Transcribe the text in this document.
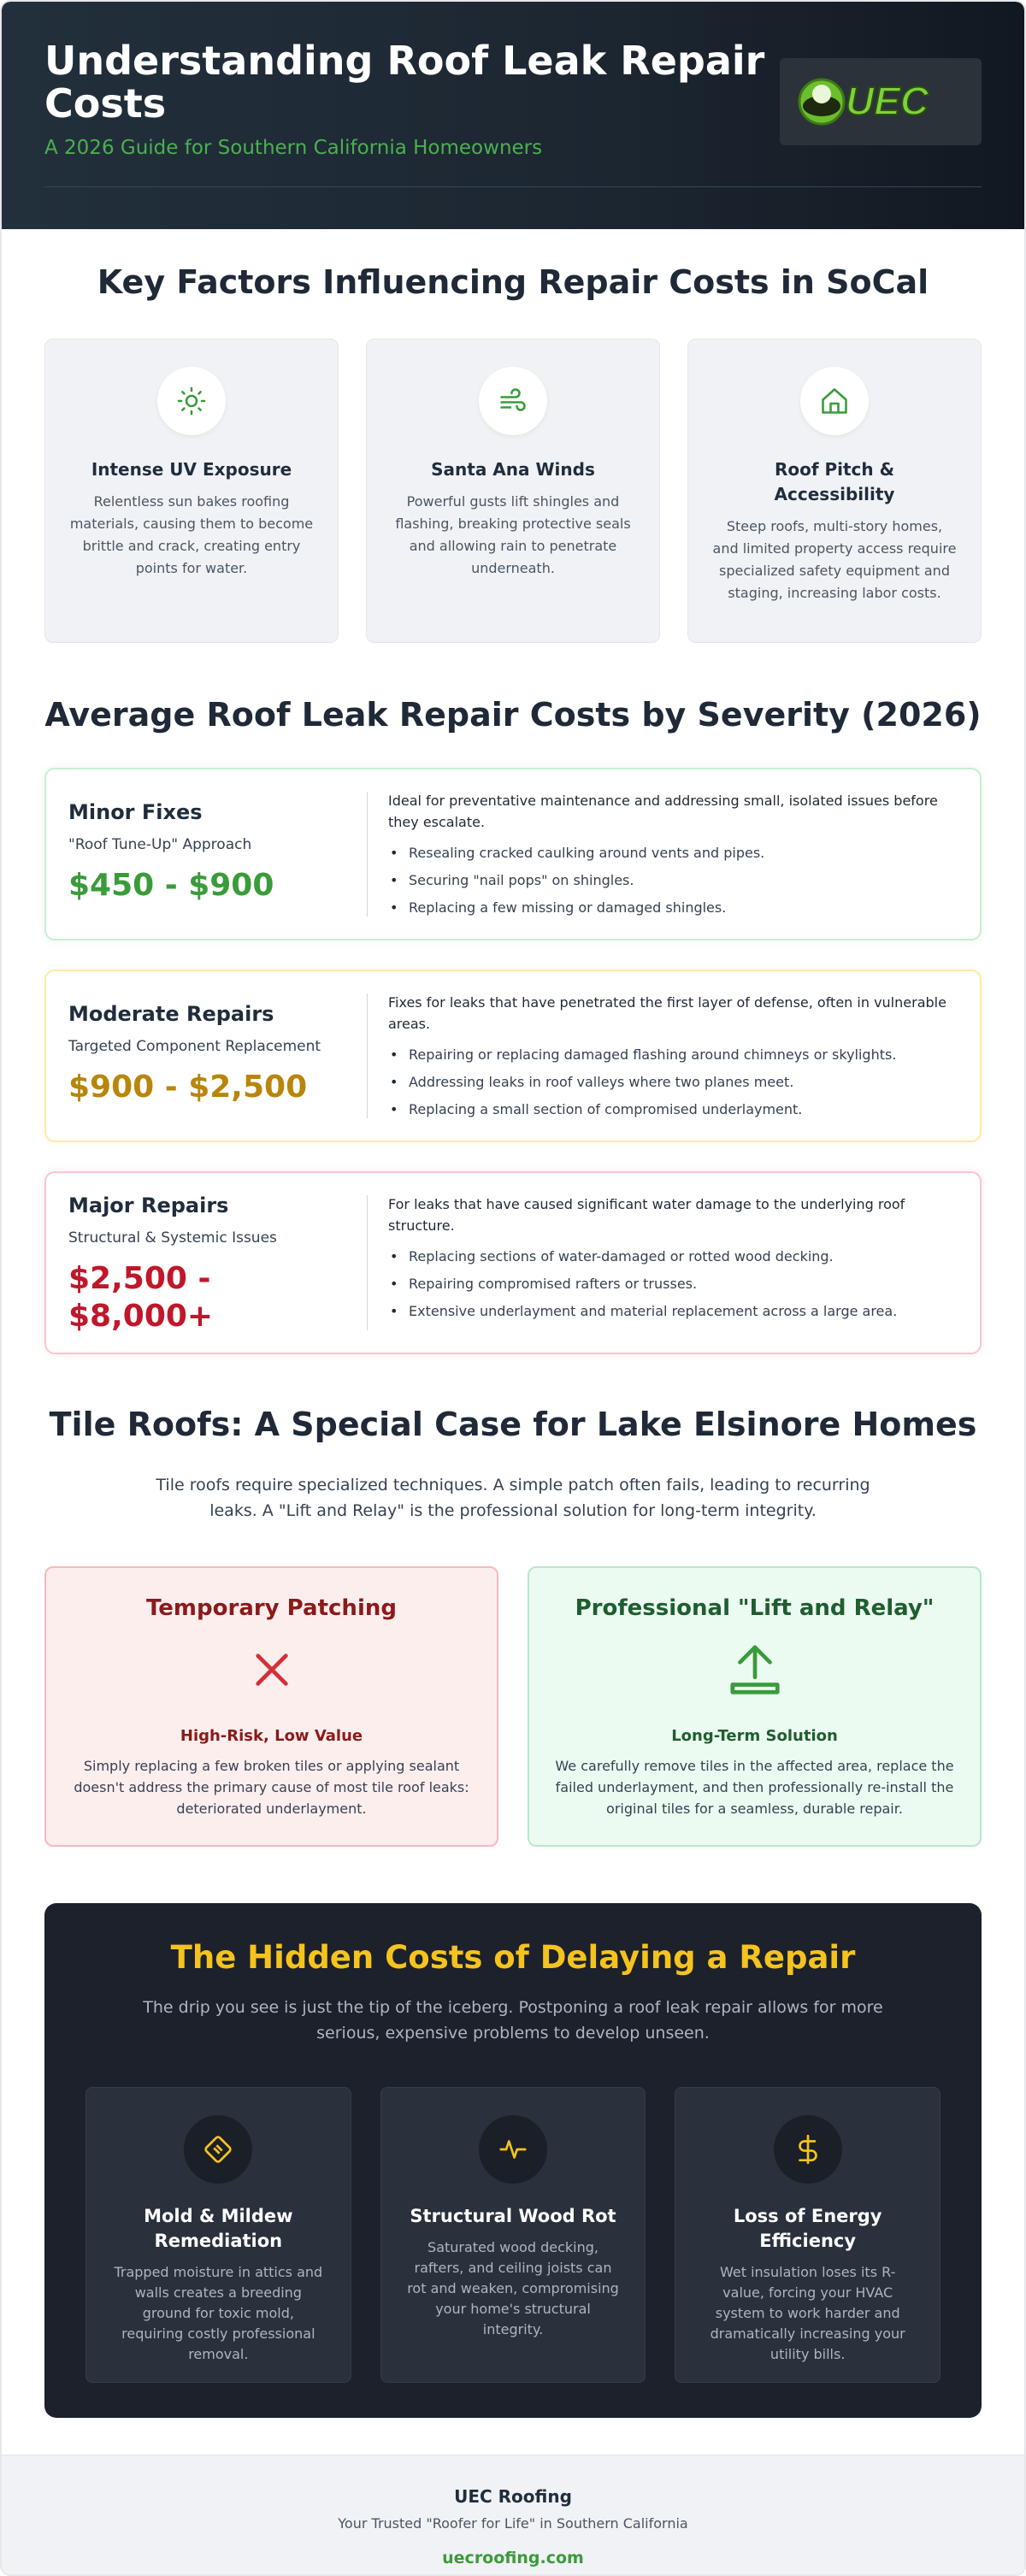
Understanding Roof Leak Repair Costs
A 2026 Guide for Southern California Homeowners
UEC
Key Factors Influencing Repair Costs in SoCal
Intense UV Exposure

Relentless sun bakes roofing materials, causing them to become brittle and crack, creating entry points for water.

Santa Ana Winds

Powerful gusts lift shingles and flashing, breaking protective seals and allowing rain to penetrate underneath.

Roof Pitch & Accessibility

Steep roofs, multi-story homes, and limited property access require specialized safety equipment and staging, increasing labor costs.

Average Roof Leak Repair Costs by Severity (2026)
Minor Fixes
"Roof Tune-Up" Approach
$450 - $900
Ideal for preventative maintenance and addressing small, isolated issues before they escalate.
• Resealing cracked caulking around vents and pipes.
• Securing "nail pops" on shingles.
• Replacing a few missing or damaged shingles.
Moderate Repairs
Targeted Component Replacement
$900 - $2,500
Fixes for leaks that have penetrated the first layer of defense, often in vulnerable areas.
• Repairing or replacing damaged flashing around chimneys or skylights.
• Addressing leaks in roof valleys where two planes meet.
• Replacing a small section of compromised underlayment.
Major Repairs
Structural & Systemic Issues
$2,500 - $8,000+
For leaks that have caused significant water damage to the underlying roof structure.
• Replacing sections of water-damaged or rotted wood decking.
• Repairing compromised rafters or trusses.
• Extensive underlayment and material replacement across a large area.
Tile Roofs: A Special Case for Lake Elsinore Homes

Tile roofs require specialized techniques. A simple patch often fails, leading to recurring leaks. A "Lift and Relay" is the professional solution for long-term integrity.

Temporary Patching
High-Risk, Low Value

Simply replacing a few broken tiles or applying sealant doesn't address the primary cause of most tile roof leaks: deteriorated underlayment.

Professional "Lift and Relay"
Long-Term Solution

We carefully remove tiles in the affected area, replace the failed underlayment, and then professionally re-install the original tiles for a seamless, durable repair.

The Hidden Costs of Delaying a Repair

The drip you see is just the tip of the iceberg. Postponing a roof leak repair allows for more serious, expensive problems to develop unseen.

Mold & Mildew Remediation

Trapped moisture in attics and walls creates a breeding ground for toxic mold, requiring costly professional removal.

Structural Wood Rot

Saturated wood decking, rafters, and ceiling joists can rot and weaken, compromising your home's structural integrity.

Loss of Energy Efficiency

Wet insulation loses its R-value, forcing your HVAC system to work harder and dramatically increasing your utility bills.

UEC Roofing
Your Trusted "Roofer for Life" in Southern California
uecroofing.com
